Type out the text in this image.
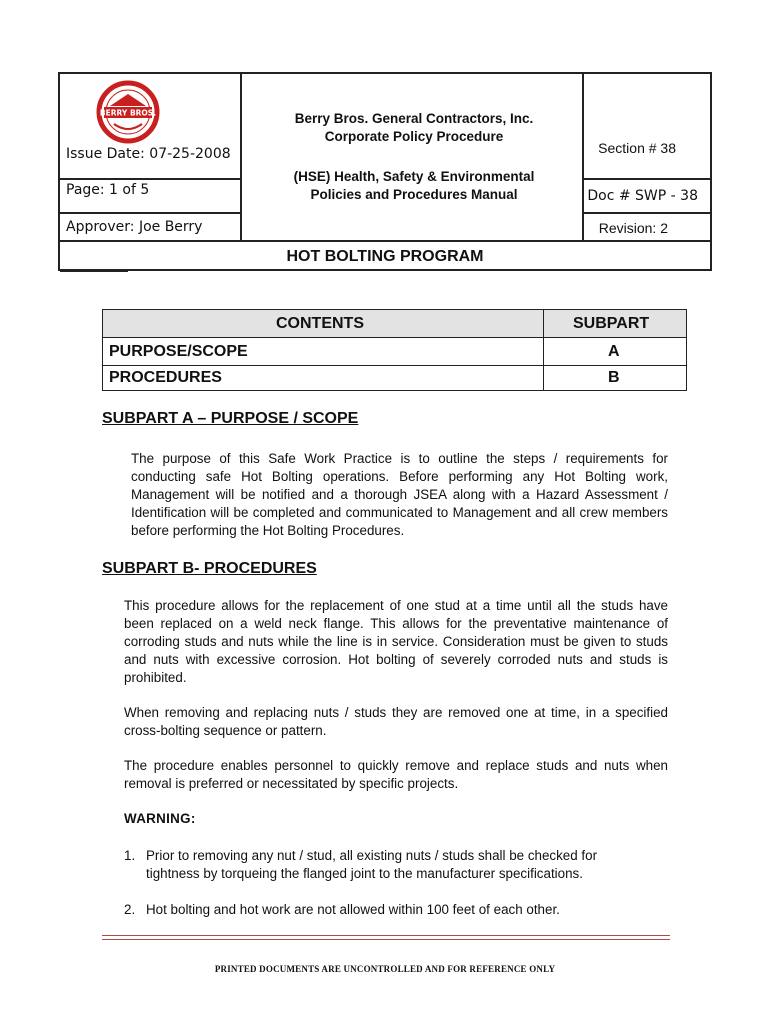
BERRY BROS.
Issue Date: 07-25-2008
Page: 1 of 5
Approver: Joe Berry
Berry Bros. General Contractors, Inc.
Corporate Policy Procedure
(HSE) Health, Safety & Environmental
Policies and Procedures Manual
Section # 38
Doc # SWP - 38
Revision: 2
HOT BOLTING PROGRAM
CONTENTS	SUBPART
PURPOSE/SCOPE	A
PROCEDURES	B
SUBPART A – PURPOSE / SCOPE
The purpose of this Safe Work Practice is to outline the steps / requirements for conducting safe Hot Bolting operations. Before performing any Hot Bolting work, Management will be notified and a thorough JSEA along with a Hazard Assessment / Identification will be completed and communicated to Management and all crew members before performing the Hot Bolting Procedures.
SUBPART B- PROCEDURES
This procedure allows for the replacement of one stud at a time until all the studs have been replaced on a weld neck flange. This allows for the preventative maintenance of corroding studs and nuts while the line is in service. Consideration must be given to studs and nuts with excessive corrosion. Hot bolting of severely corroded nuts and studs is prohibited.
When removing and replacing nuts / studs they are removed one at time, in a specified cross-bolting sequence or pattern.
The procedure enables personnel to quickly remove and replace studs and nuts when removal is preferred or necessitated by specific projects.
WARNING:
1. Prior to removing any nut / stud, all existing nuts / studs shall be checked for
tightness by torqueing the flanged joint to the manufacturer specifications.
2. Hot bolting and hot work are not allowed within 100 feet of each other.
PRINTED DOCUMENTS ARE UNCONTROLLED AND FOR REFERENCE ONLY
